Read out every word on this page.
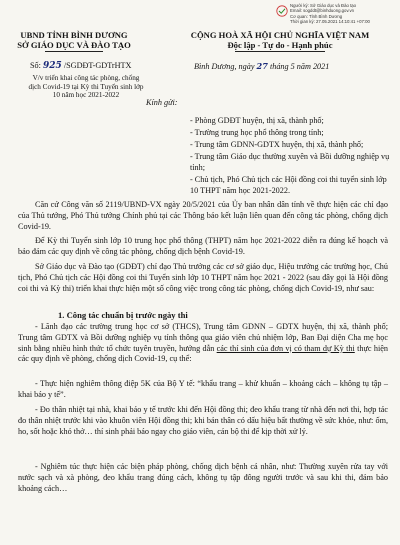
Người ký: Sở Giáo dục và Đào tạo
Email: sogddt@binhduong.gov.vn
Cơ quan: Tỉnh Bình Dương
Thời gian ký: 27.05.2021 14:10:41 +07:00
UBND TỈNH BÌNH DƯƠNG
SỞ GIÁO DỤC VÀ ĐÀO TẠO
CỘNG HOÀ XÃ HỘI CHỦ NGHĨA VIỆT NAM
Độc lập - Tự do - Hạnh phúc
Số: 925 /SGDĐT-GDTrHTX	Bình Dương, ngày 27 tháng 5 năm 2021
V/v triển khai công tác phòng, chống
dịch Covid-19 tại Kỳ thi Tuyển sinh lớp
10 năm học 2021-2022
Kính gửi:
- Phòng GDĐT huyện, thị xã, thành phố;
- Trường trung học phổ thông trong tỉnh;
- Trung tâm GDNN-GDTX huyện, thị xã, thành phố;
- Trung tâm Giáo dục thường xuyên và Bồi dưỡng nghiệp vụ tỉnh;
- Chủ tịch, Phó Chủ tịch các Hội đồng coi thi tuyển sinh lớp 10 THPT năm học 2021-2022.
Căn cứ Công văn số 2119/UBND-VX ngày 20/5/2021 của Ủy ban nhân dân tỉnh về thực hiện các chỉ đạo của Thủ tướng, Phó Thủ tướng Chính phủ tại các Thông báo kết luận liên quan đến công tác phòng, chống dịch Covid-19.
Để Kỳ thi Tuyển sinh lớp 10 trung học phổ thông (THPT) năm học 2021-2022 diễn ra đúng kế hoạch và bảo đảm các quy định về công tác phòng, chống dịch bệnh Covid-19.
Sở Giáo dục và Đào tạo (GDĐT) chỉ đạo Thủ trưởng các cơ sở giáo dục, Hiệu trưởng các trường học, Chủ tịch, Phó Chủ tịch các Hội đồng coi thi Tuyển sinh lớp 10 THPT năm học 2021 - 2022 (sau đây gọi là Hội đồng coi thi và Kỳ thi) triển khai thực hiện một số công việc trong công tác phòng, chống dịch Covid-19, như sau:
1. Công tác chuẩn bị trước ngày thi
- Lãnh đạo các trường trung học cơ sở (THCS), Trung tâm GDNN – GDTX huyện, thị xã, thành phố; Trung tâm GDTX và Bồi dưỡng nghiệp vụ tỉnh thông qua giáo viên chủ nhiệm lớp, Ban Đại diện Cha mẹ học sinh bằng nhiều hình thức tổ chức tuyên truyền, hướng dẫn các thí sinh của đơn vị có tham dự Kỳ thi thực hiện các quy định về phòng, chống dịch Covid-19, cụ thể:
- Thực hiện nghiêm thông điệp 5K của Bộ Y tế: “khẩu trang – khử khuẩn – khoảng cách – không tụ tập – khai báo y tế”.
- Đo thân nhiệt tại nhà, khai báo y tế trước khi đến Hội đồng thi; đeo khẩu trang từ nhà đến nơi thi, hợp tác đo thân nhiệt trước khi vào khuôn viên Hội đồng thi; khi bản thân có dấu hiệu bất thường về sức khỏe, như: ốm, ho, sốt hoặc khó thở… thí sinh phải báo ngay cho giáo viên, cán bộ thi để kịp thời xử lý.
- Nghiêm túc thực hiện các biện pháp phòng, chống dịch bệnh cá nhân, như: Thường xuyên rửa tay với nước sạch và xà phòng, đeo khẩu trang đúng cách, không tụ tập đông người trước và sau khi thi, đảm bảo khoảng cách…
